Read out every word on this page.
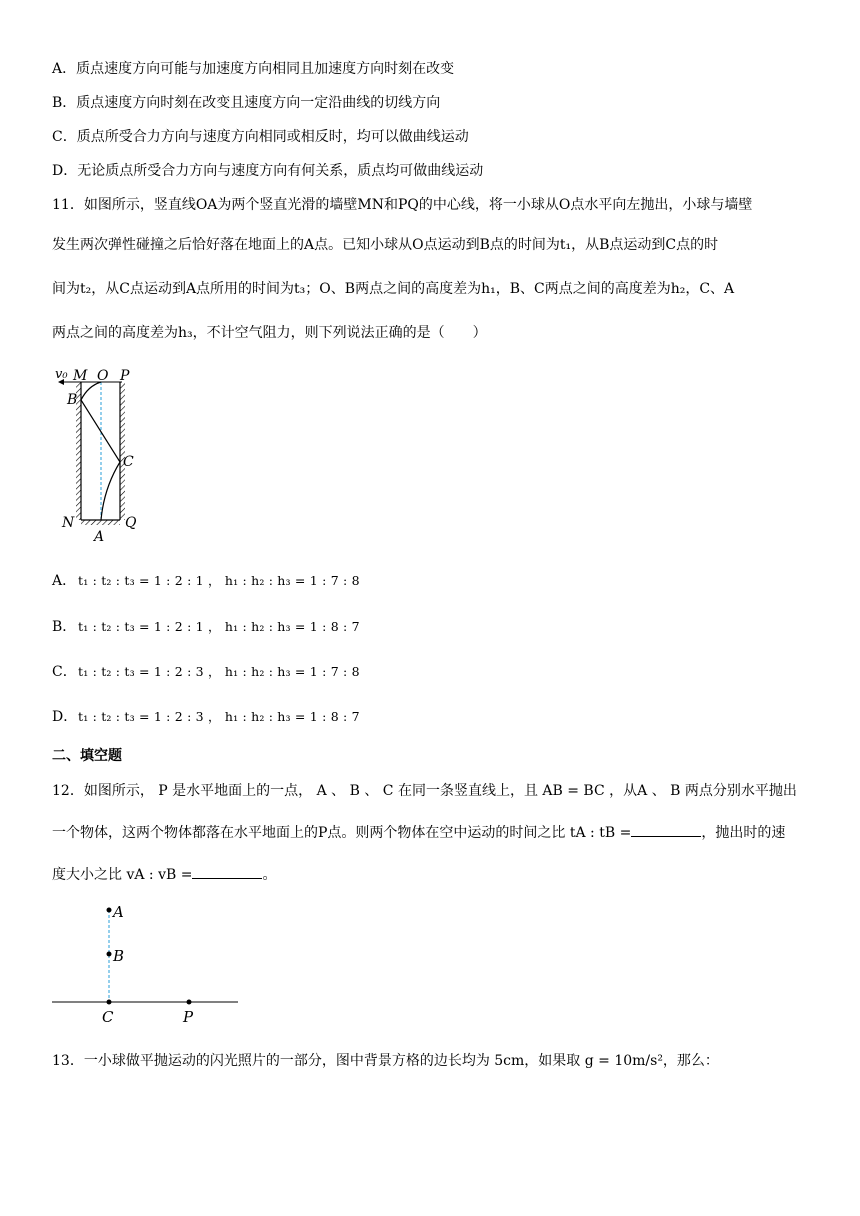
A．质点速度方向可能与加速度方向相同且加速度方向时刻在改变
B．质点速度方向时刻在改变且速度方向一定沿曲线的切线方向
C．质点所受合力方向与速度方向相同或相反时，均可以做曲线运动
D．无论质点所受合力方向与速度方向有何关系，质点均可做曲线运动
11．如图所示，竖直线OA为两个竖直光滑的墙壁MN和PQ的中心线，将一小球从O点水平向左抛出，小球与墙壁
发生两次弹性碰撞之后恰好落在地面上的A点。已知小球从O点运动到B点的时间为t₁，从B点运动到C点的时
间为t₂，从C点运动到A点所用的时间为t₃；O、B两点之间的高度差为h₁，B、C两点之间的高度差为h₂，C、A
两点之间的高度差为h₃，不计空气阻力，则下列说法正确的是（　　）
v₀ M O P
B
C
N	Q
A
A． t₁ : t₂ : t₃ = 1 : 2 : 1 ， h₁ : h₂ : h₃ = 1 : 7 : 8
B． t₁ : t₂ : t₃ = 1 : 2 : 1 ， h₁ : h₂ : h₃ = 1 : 8 : 7
C．t₁ : t₂ : t₃ = 1 : 2 : 3 ， h₁ : h₂ : h₃ = 1 : 7 : 8
D．t₁ : t₂ : t₃ = 1 : 2 : 3 ， h₁ : h₂ : h₃ = 1 : 8 : 7
二、填空题
12．如图所示， P 是水平地面上的一点， A 、 B 、 C 在同一条竖直线上，且 AB = BC ，从A 、 B 两点分别水平抛出
一个物体，这两个物体都落在水平地面上的P点。则两个物体在空中运动的时间之比 tA : tB =	，抛出时的速
度大小之比 vA : vB =	。
A
B
C	P
13．一小球做平抛运动的闪光照片的一部分，图中背景方格的边长均为 5cm，如果取 g = 10m/s²，那么：
